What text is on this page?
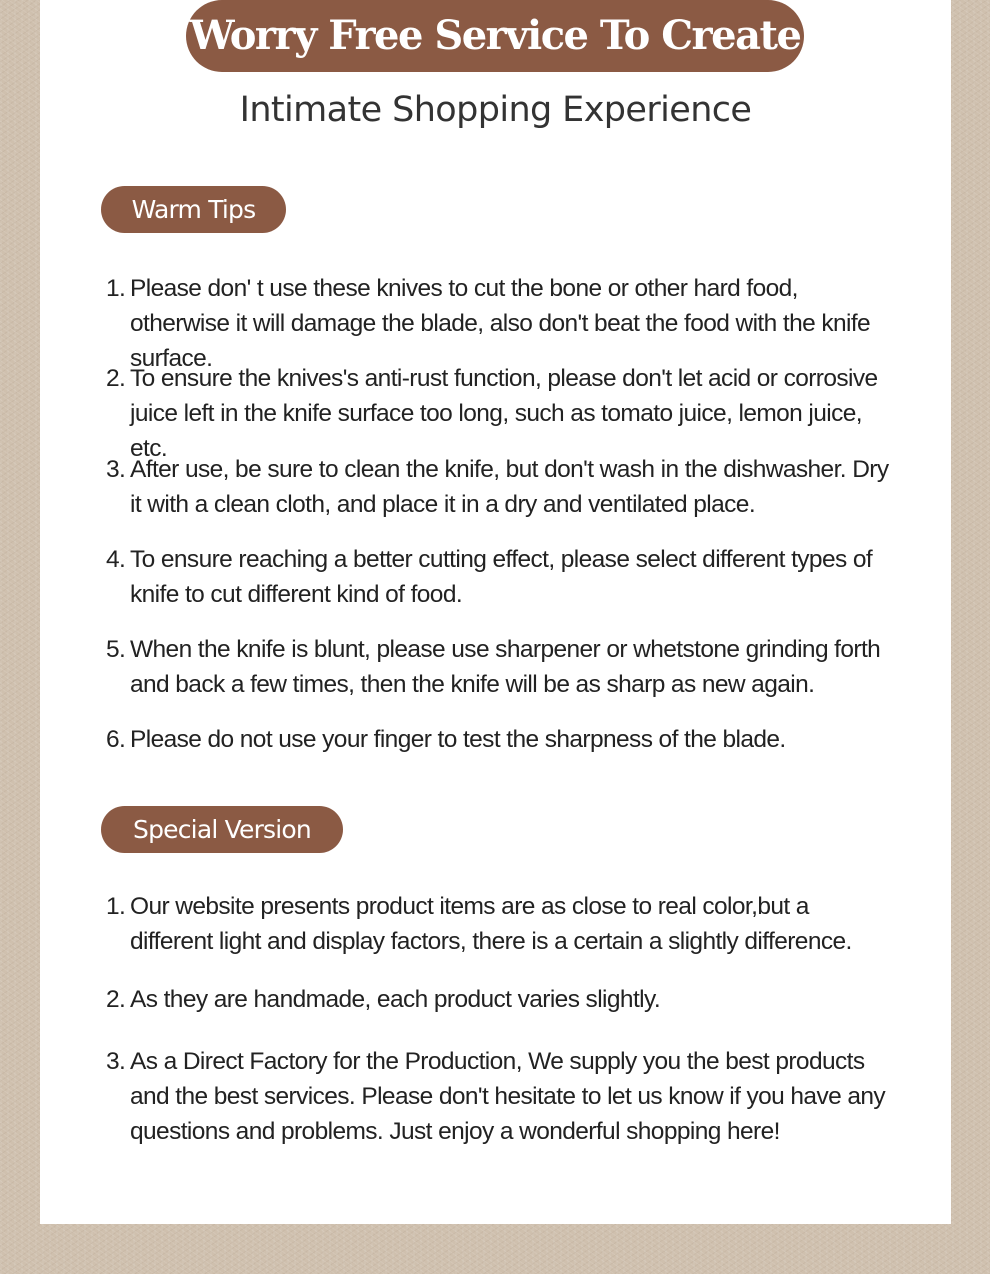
Worry Free Service To Create
Intimate Shopping Experience
Warm Tips
1. Please don' t use these knives to cut the bone or other hard food, otherwise it will damage the blade, also don't beat the food with the knife surface.
2. To ensure the knives's anti-rust function, please don't let acid or corrosive juice left in the knife surface too long, such as tomato juice, lemon juice, etc.
3. After use, be sure to clean the knife, but don't wash in the dishwasher. Dry it with a clean cloth, and place it in a dry and ventilated place.
4. To ensure reaching a better cutting effect, please select different types of knife to cut different kind of food.
5. When the knife is blunt, please use sharpener or whetstone grinding forth and back a few times, then the knife will be as sharp as new again.
6. Please do not use your finger to test the sharpness of the blade.
Special Version
1. Our website presents product items are as close to real color,but a different light and display factors, there is a certain a slightly difference.
2. As they are handmade, each product varies slightly.
3. As a Direct Factory for the Production, We supply you the best products and the best services. Please don't hesitate to let us know if you have any questions and problems. Just enjoy a wonderful shopping here!
